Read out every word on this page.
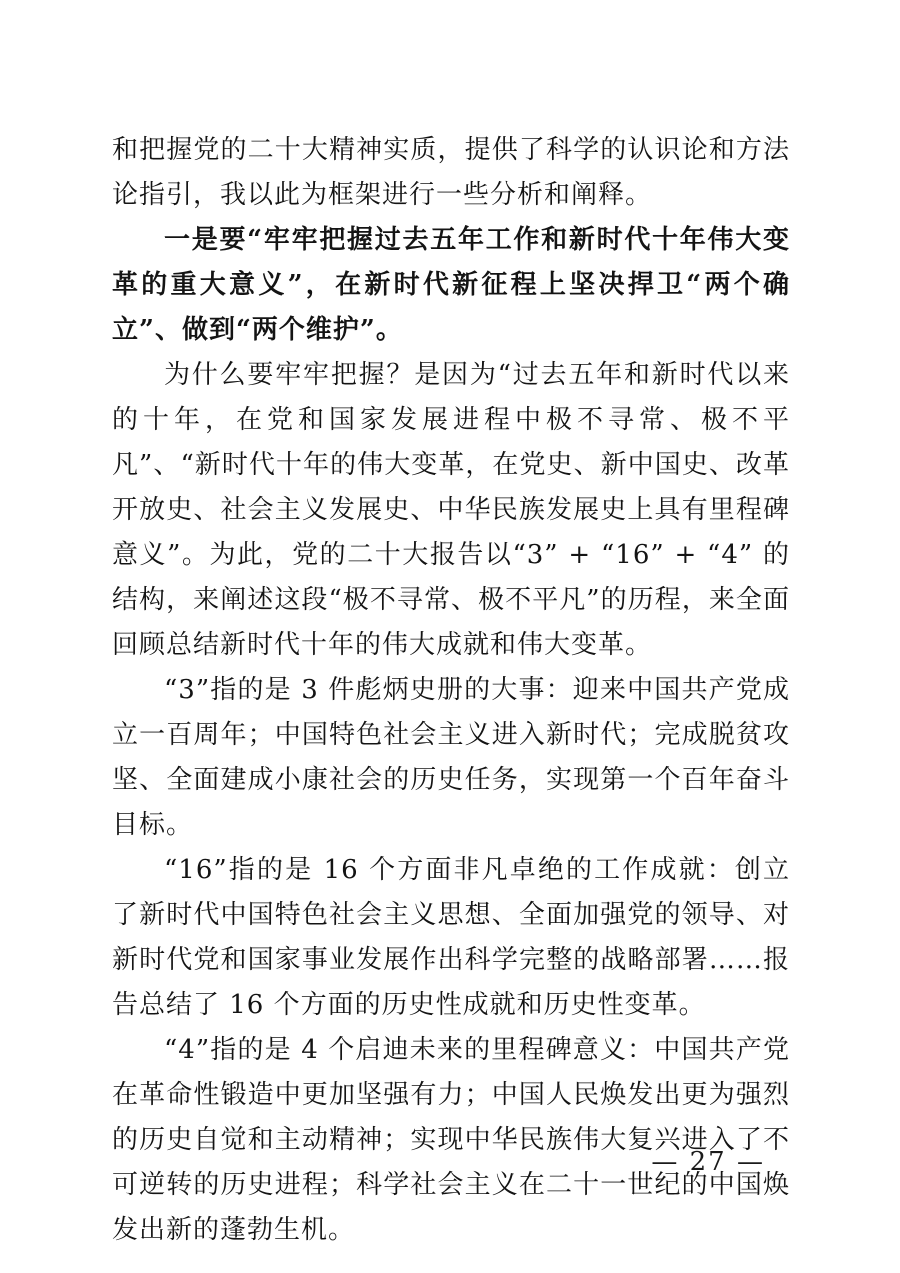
和把握党的二十大精神实质，提供了科学的认识论和方法论指引，我以此为框架进行一些分析和阐释。

一是要“牢牢把握过去五年工作和新时代十年伟大变革的重大意义”，在新时代新征程上坚决捍卫“两个确立”、做到“两个维护”。

为什么要牢牢把握？是因为“过去五年和新时代以来的十年，在党和国家发展进程中极不寻常、极不平凡”、“新时代十年的伟大变革，在党史、新中国史、改革开放史、社会主义发展史、中华民族发展史上具有里程碑意义”。为此，党的二十大报告以“3” + “16” + “4” 的结构，来阐述这段“极不寻常、极不平凡”的历程，来全面回顾总结新时代十年的伟大成就和伟大变革。

“3”指的是 3 件彪炳史册的大事：迎来中国共产党成立一百周年；中国特色社会主义进入新时代；完成脱贫攻坚、全面建成小康社会的历史任务，实现第一个百年奋斗目标。

“16”指的是 16 个方面非凡卓绝的工作成就：创立了新时代中国特色社会主义思想、全面加强党的领导、对新时代党和国家事业发展作出科学完整的战略部署……报告总结了 16 个方面的历史性成就和历史性变革。

“4”指的是 4 个启迪未来的里程碑意义：中国共产党在革命性锻造中更加坚强有力；中国人民焕发出更为强烈的历史自觉和主动精神；实现中华民族伟大复兴进入了不可逆转的历史进程；科学社会主义在二十一世纪的中国焕发出新的蓬勃生机。

— 27 —
